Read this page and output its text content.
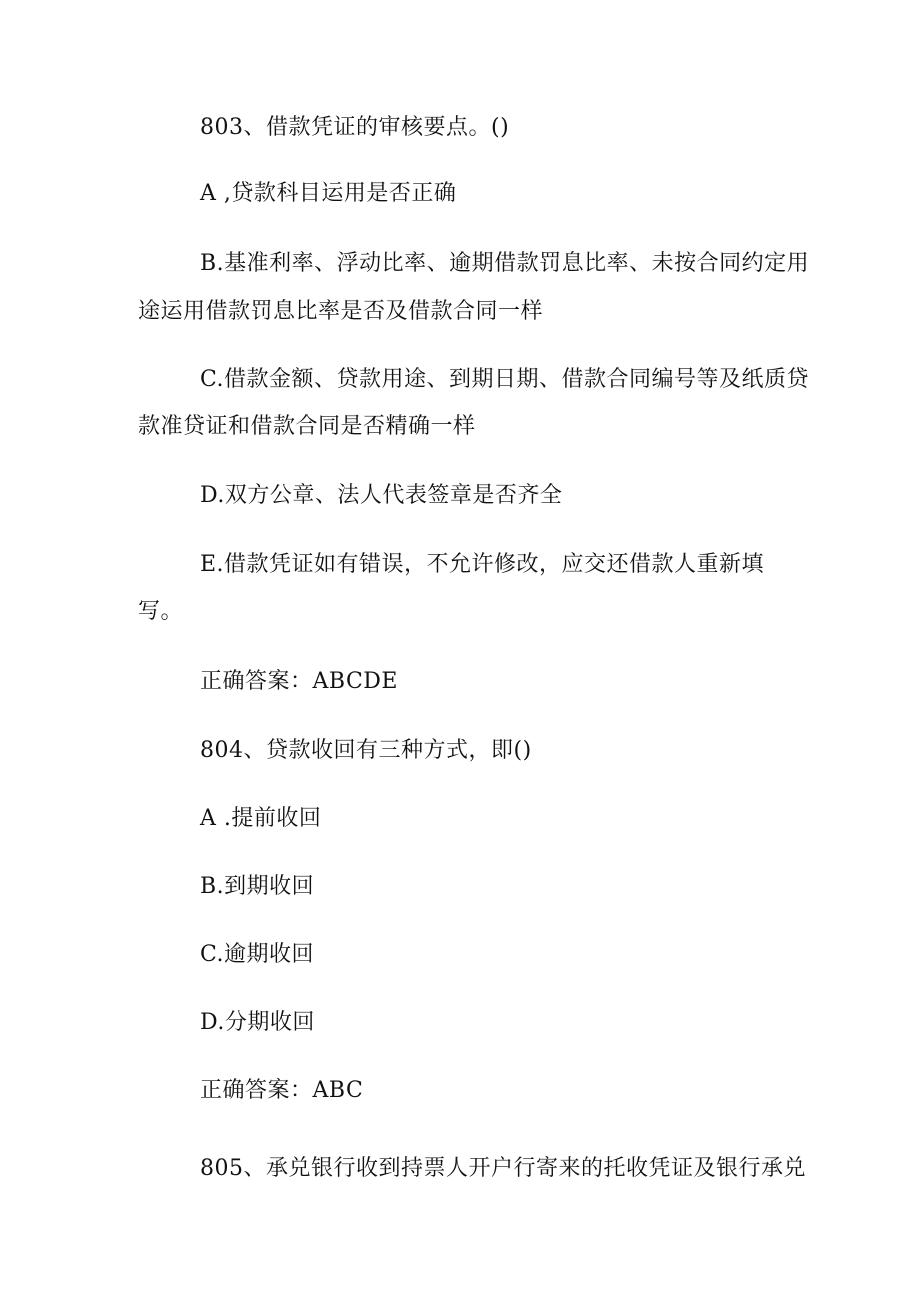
803、借款凭证的审核要点。()
A ,贷款科目运用是否正确
B.基准利率、浮动比率、逾期借款罚息比率、未按合同约定用
途运用借款罚息比率是否及借款合同一样
C.借款金额、贷款用途、到期日期、借款合同编号等及纸质贷
款准贷证和借款合同是否精确一样
D.双方公章、法人代表签章是否齐全
E.借款凭证如有错误，不允许修改，应交还借款人重新填
写。
正确答案：ABCDE
804、贷款收回有三种方式，即()
A .提前收回
B.到期收回
C.逾期收回
D.分期收回
正确答案：ABC
805、承兑银行收到持票人开户行寄来的托收凭证及银行承兑
